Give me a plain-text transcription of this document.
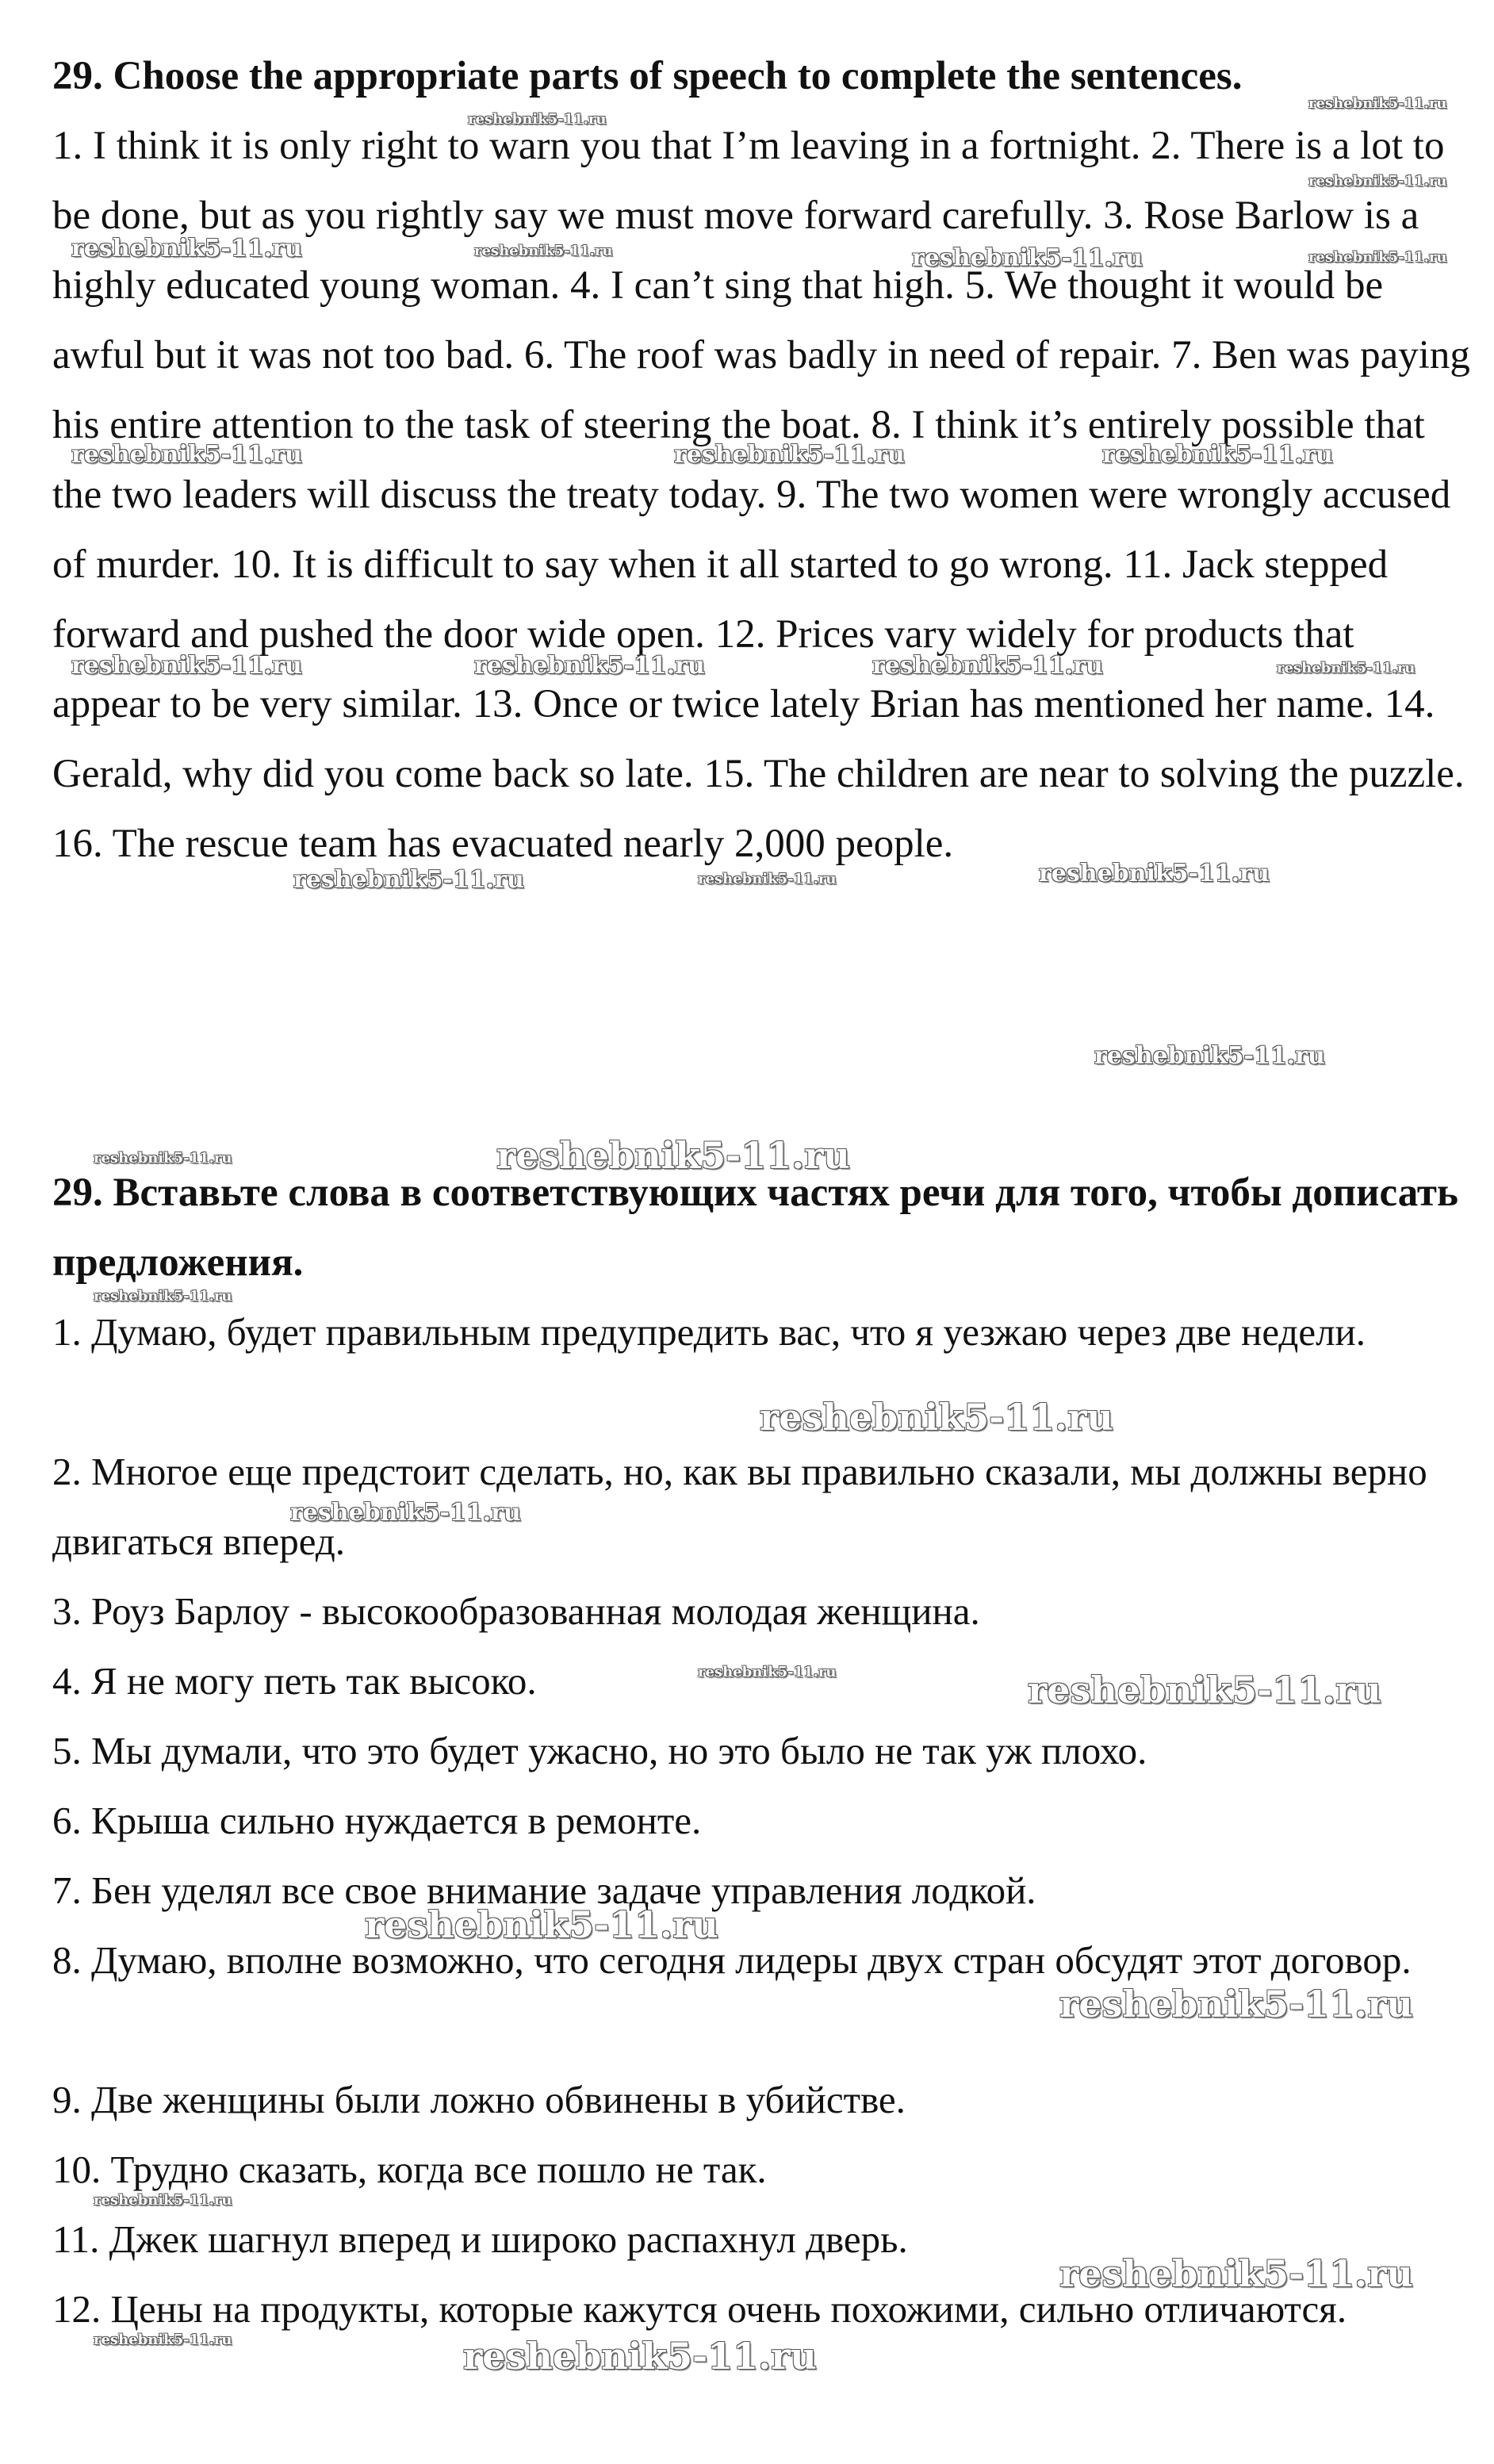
29. Choose the appropriate parts of speech to complete the sentences.

1. I think it is only right to warn you that I’m leaving in a fortnight. 2. There is a lot to be done, but as you rightly say we must move forward carefully. 3. Rose Barlow is a highly educated young woman. 4. I can’t sing that high. 5. We thought it would be awful but it was not too bad. 6. The roof was badly in need of repair. 7. Ben was paying his entire attention to the task of steering the boat. 8. I think it’s entirely possible that the two leaders will discuss the treaty today. 9. The two women were wrongly accused of murder. 10. It is difficult to say when it all started to go wrong. 11. Jack stepped forward and pushed the door wide open. 12. Prices vary widely for products that appear to be very similar. 13. Once or twice lately Brian has mentioned her name. 14. Gerald, why did you come back so late. 15. The children are near to solving the puzzle. 16. The rescue team has evacuated nearly 2,000 people.

29. Вставьте слова в соответствующих частях речи для того, чтобы дописать предложения.

1. Думаю, будет правильным предупредить вас, что я уезжаю через две недели.

2. Многое еще предстоит сделать, но, как вы правильно сказали, мы должны верно двигаться вперед.

3. Роуз Барлоу - высокообразованная молодая женщина.

4. Я не могу петь так высоко.

5. Мы думали, что это будет ужасно, но это было не так уж плохо.

6. Крыша сильно нуждается в ремонте.

7. Бен уделял все свое внимание задаче управления лодкой.

8. Думаю, вполне возможно, что сегодня лидеры двух стран обсудят этот договор.

9. Две женщины были ложно обвинены в убийстве.

10. Трудно сказать, когда все пошло не так.

11. Джек шагнул вперед и широко распахнул дверь.

12. Цены на продукты, которые кажутся очень похожими, сильно отличаются.

reshebnik5-11.ru
reshebnik5-11.ru
reshebnik5-11.ru
reshebnik5-11.ru	reshebnik5-11.ru	reshebnik5-11.ru	reshebnik5-11.ru
reshebnik5-11.ru	reshebnik5-11.ru	reshebnik5-11.ru
reshebnik5-11.ru	reshebnik5-11.ru	reshebnik5-11.ru	reshebnik5-11.ru
reshebnik5-11.ru	reshebnik5-11.ru	reshebnik5-11.ru
reshebnik5-11.ru
reshebnik5-11.ru	reshebnik5-11.ru
reshebnik5-11.ru
reshebnik5-11.ru
reshebnik5-11.ru
reshebnik5-11.ru	reshebnik5-11.ru
reshebnik5-11.ru
reshebnik5-11.ru
reshebnik5-11.ru
reshebnik5-11.ru
reshebnik5-11.ru	reshebnik5-11.ru
